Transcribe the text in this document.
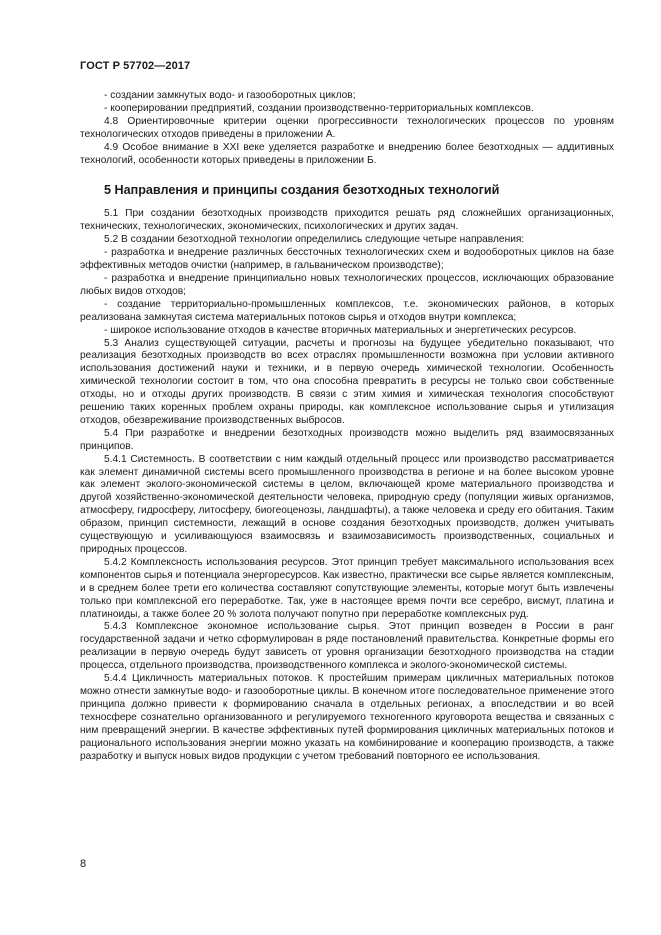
ГОСТ Р 57702—2017

- создании замкнутых водо- и газооборотных циклов;

- кооперировании предприятий, создании производственно-территориальных комплексов.

4.8 Ориентировочные критерии оценки прогрессивности технологических процессов по уровням технологических отходов приведены в приложении А.

4.9 Особое внимание в XXI веке уделяется разработке и внедрению более безотходных — аддитивных технологий, особенности которых приведены в приложении Б.

5 Направления и принципы создания безотходных технологий

5.1 При создании безотходных производств приходится решать ряд сложнейших организационных, технических, технологических, экономических, психологических и других задач.

5.2 В создании безотходной технологии определились следующие четыре направления:

- разработка и внедрение различных бессточных технологических схем и водооборотных циклов на базе эффективных методов очистки (например, в гальваническом производстве);

- разработка и внедрение принципиально новых технологических процессов, исключающих образование любых видов отходов;

- создание территориально-промышленных комплексов, т.е. экономических районов, в которых реализована замкнутая система материальных потоков сырья и отходов внутри комплекса;

- широкое использование отходов в качестве вторичных материальных и энергетических ресурсов.

5.3 Анализ существующей ситуации, расчеты и прогнозы на будущее убедительно показывают, что реализация безотходных производств во всех отраслях промышленности возможна при условии активного использования достижений науки и техники, и в первую очередь химической технологии. Особенность химической технологии состоит в том, что она способна превратить в ресурсы не только свои собственные отходы, но и отходы других производств. В связи с этим химия и химическая технология способствуют решению таких коренных проблем охраны природы, как комплексное использование сырья и утилизация отходов, обезвреживание производственных выбросов.

5.4 При разработке и внедрении безотходных производств можно выделить ряд взаимосвязанных принципов.

5.4.1 Системность. В соответствии с ним каждый отдельный процесс или производство рассматривается как элемент динамичной системы всего промышленного производства в регионе и на более высоком уровне как элемент эколого-экономической системы в целом, включающей кроме материального производства и другой хозяйственно-экономической деятельности человека, природную среду (популяции живых организмов, атмосферу, гидросферу, литосферу, биогеоценозы, ландшафты), а также человека и среду его обитания. Таким образом, принцип системности, лежащий в основе создания безотходных производств, должен учитывать существующую и усиливающуюся взаимосвязь и взаимозависимость производственных, социальных и природных процессов.

5.4.2 Комплексность использования ресурсов. Этот принцип требует максимального использования всех компонентов сырья и потенциала энергоресурсов. Как известно, практически все сырье является комплексным, и в среднем более трети его количества составляют сопутствующие элементы, которые могут быть извлечены только при комплексной его переработке. Так, уже в настоящее время почти все серебро, висмут, платина и платиноиды, а также более 20 % золота получают попутно при переработке комплексных руд.

5.4.3 Комплексное экономное использование сырья. Этот принцип возведен в России в ранг государственной задачи и четко сформулирован в ряде постановлений правительства. Конкретные формы его реализации в первую очередь будут зависеть от уровня организации безотходного производства на стадии процесса, отдельного производства, производственного комплекса и эколого-экономической системы.

5.4.4 Цикличность материальных потоков. К простейшим примерам цикличных материальных потоков можно отнести замкнутые водо- и газооборотные циклы. В конечном итоге последовательное применение этого принципа должно привести к формированию сначала в отдельных регионах, а впоследствии и во всей техносфере сознательно организованного и регулируемого техногенного круговорота вещества и связанных с ним превращений энергии. В качестве эффективных путей формирования цикличных материальных потоков и рационального использования энергии можно указать на комбинирование и кооперацию производств, а также разработку и выпуск новых видов продукции с учетом требований повторного ее использования.

8
